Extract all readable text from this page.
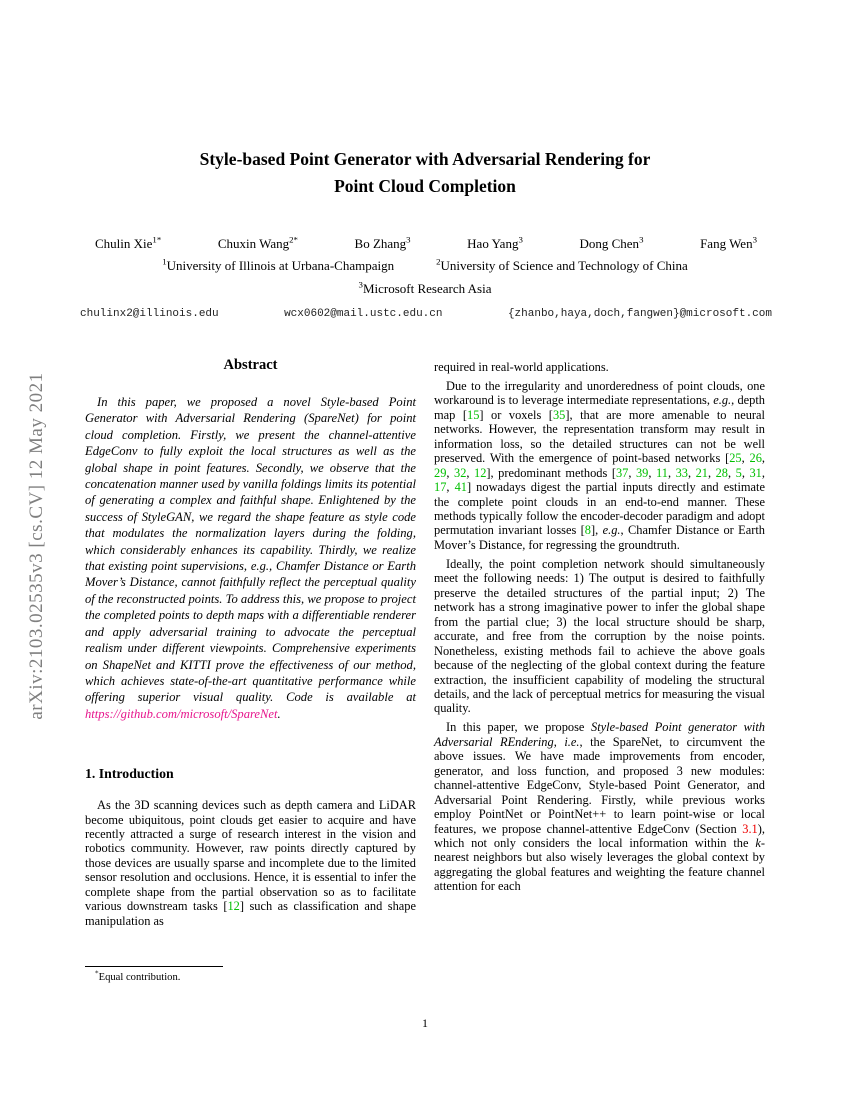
arXiv:2103.02535v3 [cs.CV] 12 May 2021
Style-based Point Generator with Adversarial Rendering for
Point Cloud Completion
Chulin Xie$^{1*}$	Chuxin Wang$^{2*}$	Bo Zhang$^3$	Hao Yang$^3$	Dong Chen$^3$	Fang Wen$^3$
$^1$University of Illinois at Urbana-Champaign	$^2$University of Science and Technology of China
$^3$Microsoft Research Asia
chulinx2@illinois.edu	wcx0602@mail.ustc.edu.cn	{zhanbo,haya,doch,fangwen}@microsoft.com
Abstract

In this paper, we proposed a novel Style-based Point Generator with Adversarial Rendering (SpareNet) for point cloud completion. Firstly, we present the channel-attentive EdgeConv to fully exploit the local structures as well as the global shape in point features. Secondly, we observe that the concatenation manner used by vanilla foldings limits its potential of generating a complex and faithful shape. Enlightened by the success of StyleGAN, we regard the shape feature as style code that modulates the normalization layers during the folding, which considerably enhances its capability. Thirdly, we realize that existing point supervisions, e.g., Chamfer Distance or Earth Mover’s Distance, cannot faithfully reflect the perceptual quality of the reconstructed points. To address this, we propose to project the completed points to depth maps with a differentiable renderer and apply adversarial training to advocate the perceptual realism under different viewpoints. Comprehensive experiments on ShapeNet and KITTI prove the effectiveness of our method, which achieves state-of-the-art quantitative performance while offering superior visual quality. Code is available at https://github.com/microsoft/SpareNet.

1. Introduction

As the 3D scanning devices such as depth camera and LiDAR become ubiquitous, point clouds get easier to acquire and have recently attracted a surge of research interest in the vision and robotics community. However, raw points directly captured by those devices are usually sparse and incomplete due to the limited sensor resolution and occlusions. Hence, it is essential to infer the complete shape from the partial observation so as to facilitate various downstream tasks [12] such as classification and shape manipulation as

required in real-world applications.

Due to the irregularity and unorderedness of point clouds, one workaround is to leverage intermediate representations, e.g., depth map [15] or voxels [35], that are more amenable to neural networks. However, the representation transform may result in information loss, so the detailed structures can not be well preserved. With the emergence of point-based networks [25, 26, 29, 32, 12], predominant methods [37, 39, 11, 33, 21, 28, 5, 31, 17, 41] nowadays digest the partial inputs directly and estimate the complete point clouds in an end-to-end manner. These methods typically follow the encoder-decoder paradigm and adopt permutation invariant losses [8], e.g., Chamfer Distance or Earth Mover’s Distance, for regressing the groundtruth.

Ideally, the point completion network should simultaneously meet the following needs: 1) The output is desired to faithfully preserve the detailed structures of the partial input; 2) The network has a strong imaginative power to infer the global shape from the partial clue; 3) the local structure should be sharp, accurate, and free from the corruption by the noise points. Nonetheless, existing methods fail to achieve the above goals because of the neglecting of the global context during the feature extraction, the insufficient capability of modeling the structural details, and the lack of perceptual metrics for measuring the visual quality.

In this paper, we propose Style-based Point generator with Adversarial REndering, i.e., the SpareNet, to circumvent the above issues. We have made improvements from encoder, generator, and loss function, and proposed 3 new modules: channel-attentive EdgeConv, Style-based Point Generator, and Adversarial Point Rendering. Firstly, while previous works employ PointNet or PointNet++ to learn point-wise or local features, we propose channel-attentive EdgeConv (Section 3.1), which not only considers the local information within the k-nearest neighbors but also wisely leverages the global context by aggregating the global features and weighting the feature channel attention for each

*Equal contribution.

1
